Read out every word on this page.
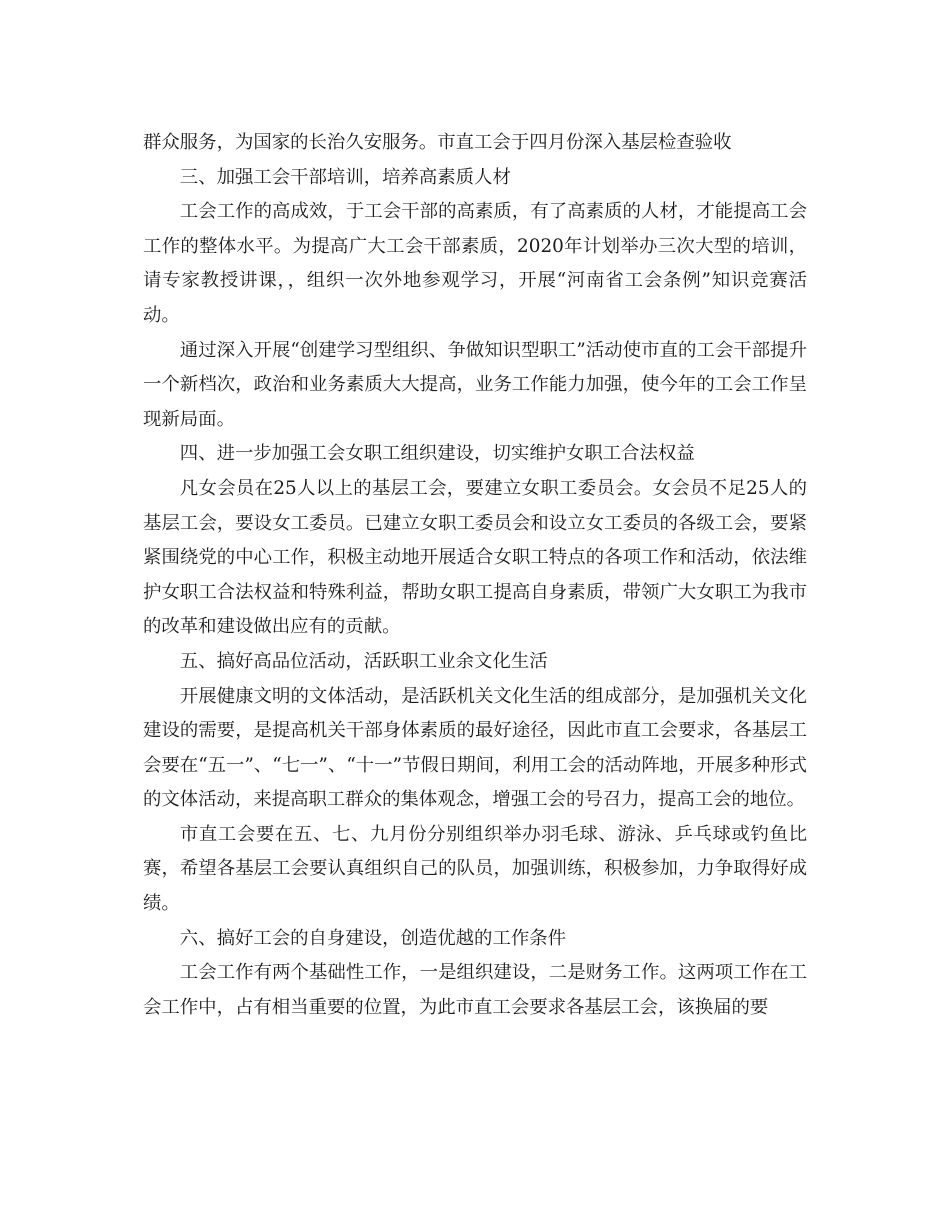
群众服务，为国家的长治久安服务。市直工会于四月份深入基层检查验收

三、加强工会干部培训，培养高素质人材

工会工作的高成效，于工会干部的高素质，有了高素质的人材，才能提高工会工作的整体水平。为提高广大工会干部素质，2020年计划举办三次大型的培训，请专家教授讲课，，组织一次外地参观学习，开展“河南省工会条例”知识竞赛活动。

通过深入开展“创建学习型组织、争做知识型职工”活动使市直的工会干部提升一个新档次，政治和业务素质大大提高，业务工作能力加强，使今年的工会工作呈现新局面。

四、进一步加强工会女职工组织建设，切实维护女职工合法权益

凡女会员在25人以上的基层工会，要建立女职工委员会。女会员不足25人的基层工会，要设女工委员。已建立女职工委员会和设立女工委员的各级工会，要紧紧围绕党的中心工作，积极主动地开展适合女职工特点的各项工作和活动，依法维护女职工合法权益和特殊利益，帮助女职工提高自身素质，带领广大女职工为我市的改革和建设做出应有的贡献。

五、搞好高品位活动，活跃职工业余文化生活

开展健康文明的文体活动，是活跃机关文化生活的组成部分，是加强机关文化建设的需要，是提高机关干部身体素质的最好途径，因此市直工会要求，各基层工会要在“五一”、“七一”、“十一”节假日期间，利用工会的活动阵地，开展多种形式的文体活动，来提高职工群众的集体观念，增强工会的号召力，提高工会的地位。

市直工会要在五、七、九月份分别组织举办羽毛球、游泳、乒乓球或钓鱼比赛，希望各基层工会要认真组织自己的队员，加强训练，积极参加，力争取得好成绩。

六、搞好工会的自身建设，创造优越的工作条件

工会工作有两个基础性工作，一是组织建设，二是财务工作。这两项工作在工会工作中，占有相当重要的位置，为此市直工会要求各基层工会，该换届的要
